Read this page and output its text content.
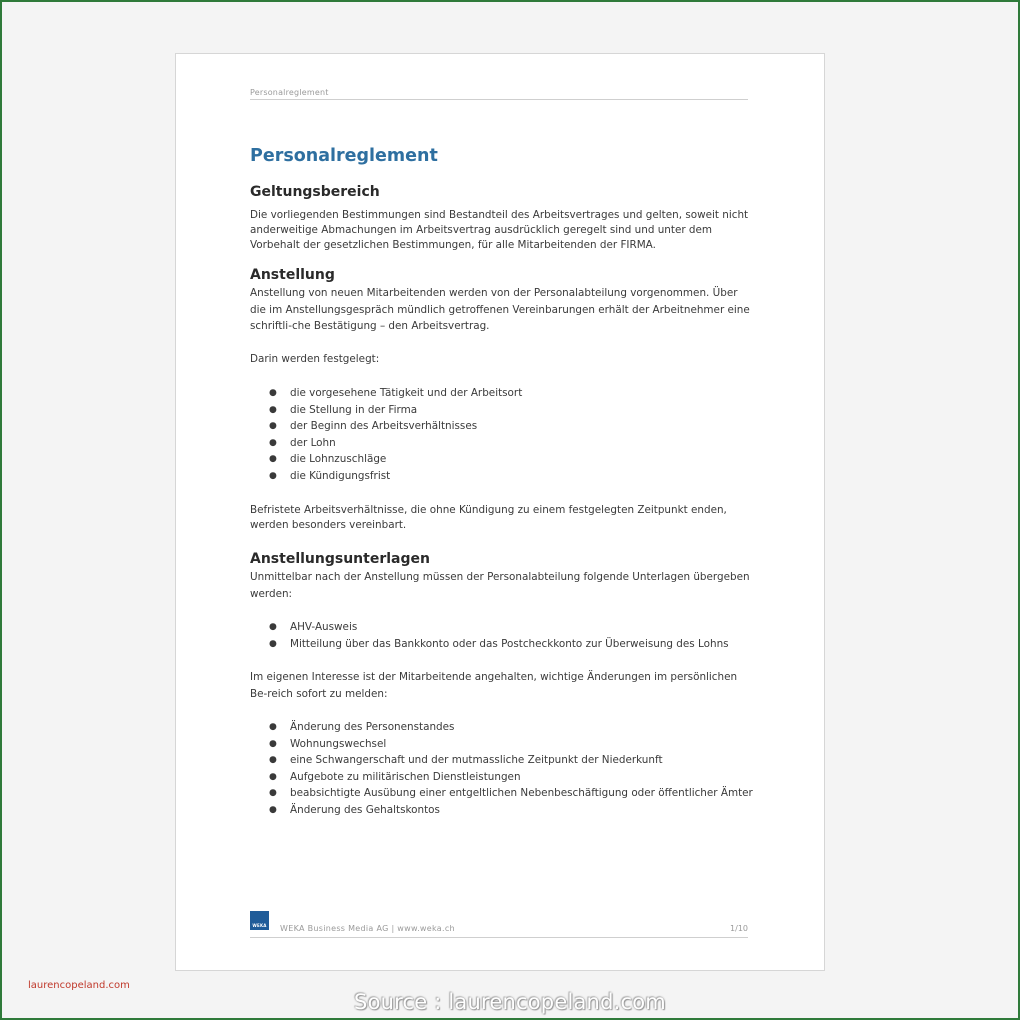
Personalreglement
Personalreglement
Geltungsbereich

Die vorliegenden Bestimmungen sind Bestandteil des Arbeitsvertrages und gelten, soweit nicht anderweitige Abmachungen im Arbeitsvertrag ausdrücklich geregelt sind und unter dem Vorbehalt der gesetzlichen Bestimmungen, für alle Mitarbeitenden der FIRMA.

Anstellung

Anstellung von neuen Mitarbeitenden werden von der Personalabteilung vorgenommen. Über die im Anstellungsgespräch mündlich getroffenen Vereinbarungen erhält der Arbeitnehmer eine schriftli-che Bestätigung – den Arbeitsvertrag.

Darin werden festgelegt:

● die vorgesehene Tätigkeit und der Arbeitsort
● die Stellung in der Firma
● der Beginn des Arbeitsverhältnisses
● der Lohn
● die Lohnzuschläge
● die Kündigungsfrist

Befristete Arbeitsverhältnisse, die ohne Kündigung zu einem festgelegten Zeitpunkt enden, werden besonders vereinbart.

Anstellungsunterlagen

Unmittelbar nach der Anstellung müssen der Personalabteilung folgende Unterlagen übergeben werden:

● AHV-Ausweis
● Mitteilung über das Bankkonto oder das Postcheckkonto zur Überweisung des Lohns

Im eigenen Interesse ist der Mitarbeitende angehalten, wichtige Änderungen im persönlichen Be-reich sofort zu melden:

● Änderung des Personenstandes
● Wohnungswechsel
● eine Schwangerschaft und der mutmassliche Zeitpunkt der Niederkunft
● Aufgebote zu militärischen Dienstleistungen
● beabsichtigte Ausübung einer entgeltlichen Nebenbeschäftigung oder öffentlicher Ämter
● Änderung des Gehaltskontos
WEKA	WEKA Business Media AG | www.weka.ch	1/10
laurencopeland.com
Source : laurencopeland.com
